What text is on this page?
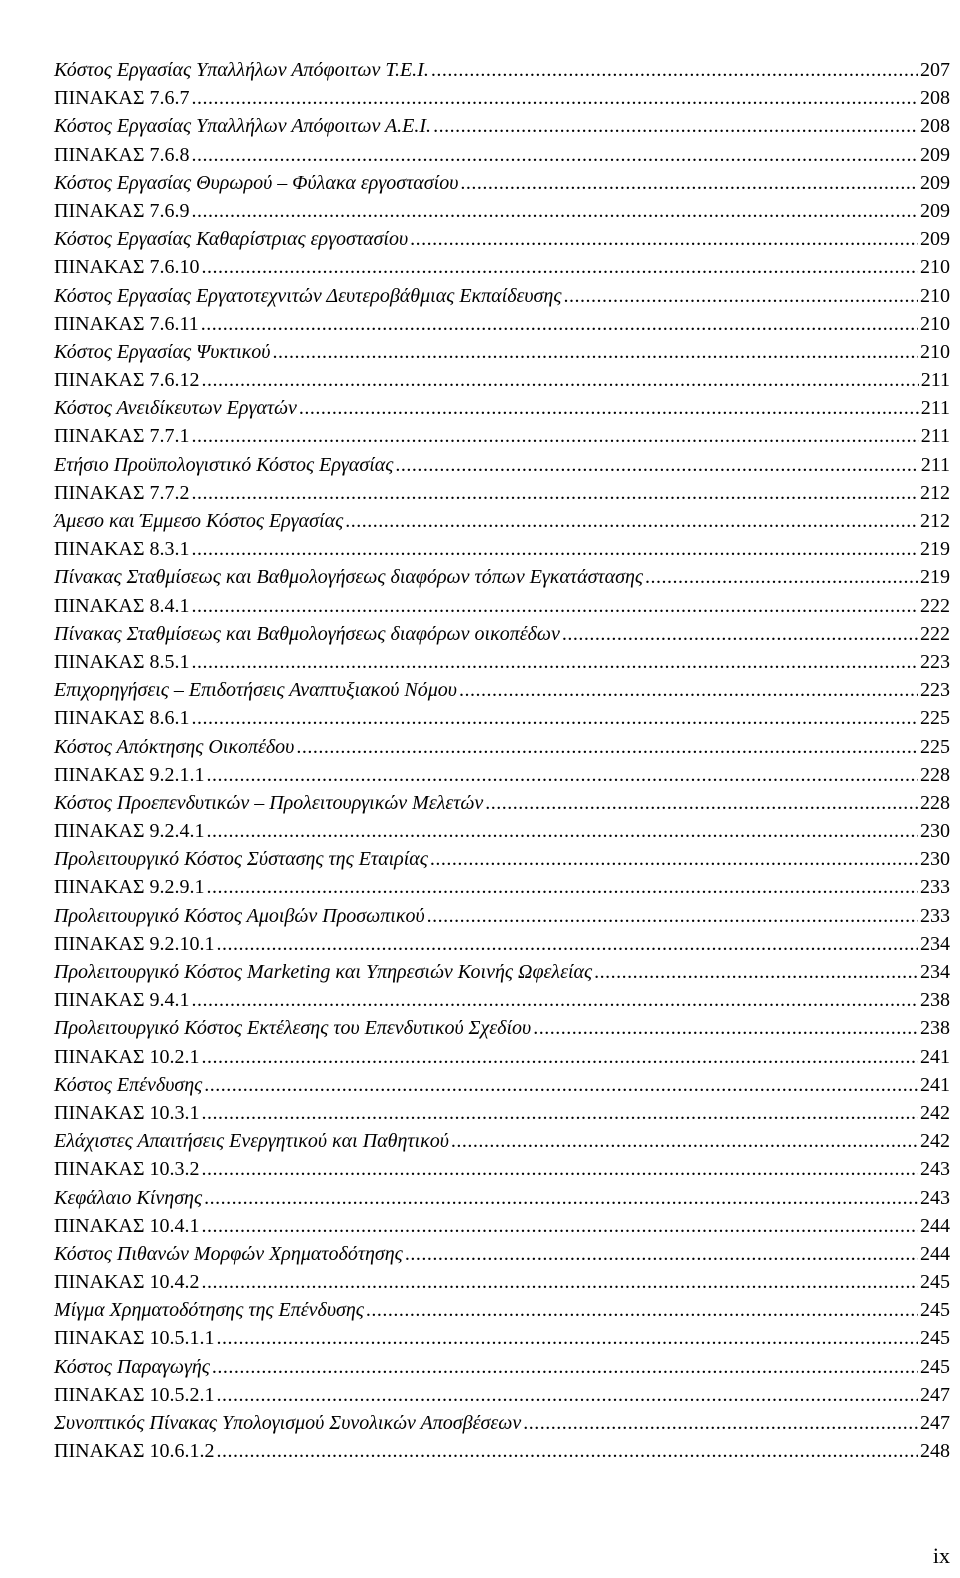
Κόστος Εργασίας Υπαλλήλων Απόφοιτων Τ.Ε.Ι. .....	207
ΠΙΝΑΚΑΣ 7.6.7 .....	208
Κόστος Εργασίας Υπαλλήλων Απόφοιτων Α.Ε.Ι. .....	208
ΠΙΝΑΚΑΣ 7.6.8 .....	209
Κόστος Εργασίας Θυρωρού – Φύλακα εργοστασίου .....	209
ΠΙΝΑΚΑΣ 7.6.9 .....	209
Κόστος Εργασίας Καθαρίστριας εργοστασίου .....	209
ΠΙΝΑΚΑΣ 7.6.10 .....	210
Κόστος Εργασίας Εργατοτεχνιτών Δευτεροβάθμιας Εκπαίδευσης .....	210
ΠΙΝΑΚΑΣ 7.6.11 .....	210
Κόστος Εργασίας Ψυκτικού .....	210
ΠΙΝΑΚΑΣ 7.6.12 .....	211
Κόστος Ανειδίκευτων Εργατών .....	211
ΠΙΝΑΚΑΣ 7.7.1 .....	211
Ετήσιο Προϋπολογιστικό Κόστος Εργασίας .....	211
ΠΙΝΑΚΑΣ 7.7.2 .....	212
Άμεσο και Έμμεσο Κόστος Εργασίας .....	212
ΠΙΝΑΚΑΣ 8.3.1 .....	219
Πίνακας Σταθμίσεως και Βαθμολογήσεως διαφόρων τόπων Εγκατάστασης .....	219
ΠΙΝΑΚΑΣ 8.4.1 .....	222
Πίνακας Σταθμίσεως και Βαθμολογήσεως διαφόρων οικοπέδων .....	222
ΠΙΝΑΚΑΣ 8.5.1 .....	223
Επιχορηγήσεις – Επιδοτήσεις Αναπτυξιακού Νόμου .....	223
ΠΙΝΑΚΑΣ 8.6.1 .....	225
Κόστος Απόκτησης Οικοπέδου .....	225
ΠΙΝΑΚΑΣ 9.2.1.1 .....	228
Κόστος Προεπενδυτικών – Προλειτουργικών Μελετών .....	228
ΠΙΝΑΚΑΣ 9.2.4.1 .....	230
Προλειτουργικό Κόστος Σύστασης της Εταιρίας .....	230
ΠΙΝΑΚΑΣ 9.2.9.1 .....	233
Προλειτουργικό Κόστος Αμοιβών Προσωπικού .....	233
ΠΙΝΑΚΑΣ 9.2.10.1 .....	234
Προλειτουργικό Κόστος Marketing και Υπηρεσιών Κοινής Ωφελείας .....	234
ΠΙΝΑΚΑΣ 9.4.1 .....	238
Προλειτουργικό Κόστος Εκτέλεσης του Επενδυτικού Σχεδίου .....	238
ΠΙΝΑΚΑΣ 10.2.1 .....	241
Κόστος Επένδυσης .....	241
ΠΙΝΑΚΑΣ 10.3.1 .....	242
Ελάχιστες Απαιτήσεις Ενεργητικού και Παθητικού .....	242
ΠΙΝΑΚΑΣ 10.3.2 .....	243
Κεφάλαιο Κίνησης .....	243
ΠΙΝΑΚΑΣ 10.4.1 .....	244
Κόστος Πιθανών Μορφών Χρηματοδότησης .....	244
ΠΙΝΑΚΑΣ 10.4.2 .....	245
Μίγμα Χρηματοδότησης της Επένδυσης .....	245
ΠΙΝΑΚΑΣ 10.5.1.1 .....	245
Κόστος Παραγωγής .....	245
ΠΙΝΑΚΑΣ 10.5.2.1 .....	247
Συνοπτικός Πίνακας Υπολογισμού Συνολικών Αποσβέσεων .....	247
ΠΙΝΑΚΑΣ 10.6.1.2 .....	248
ix
